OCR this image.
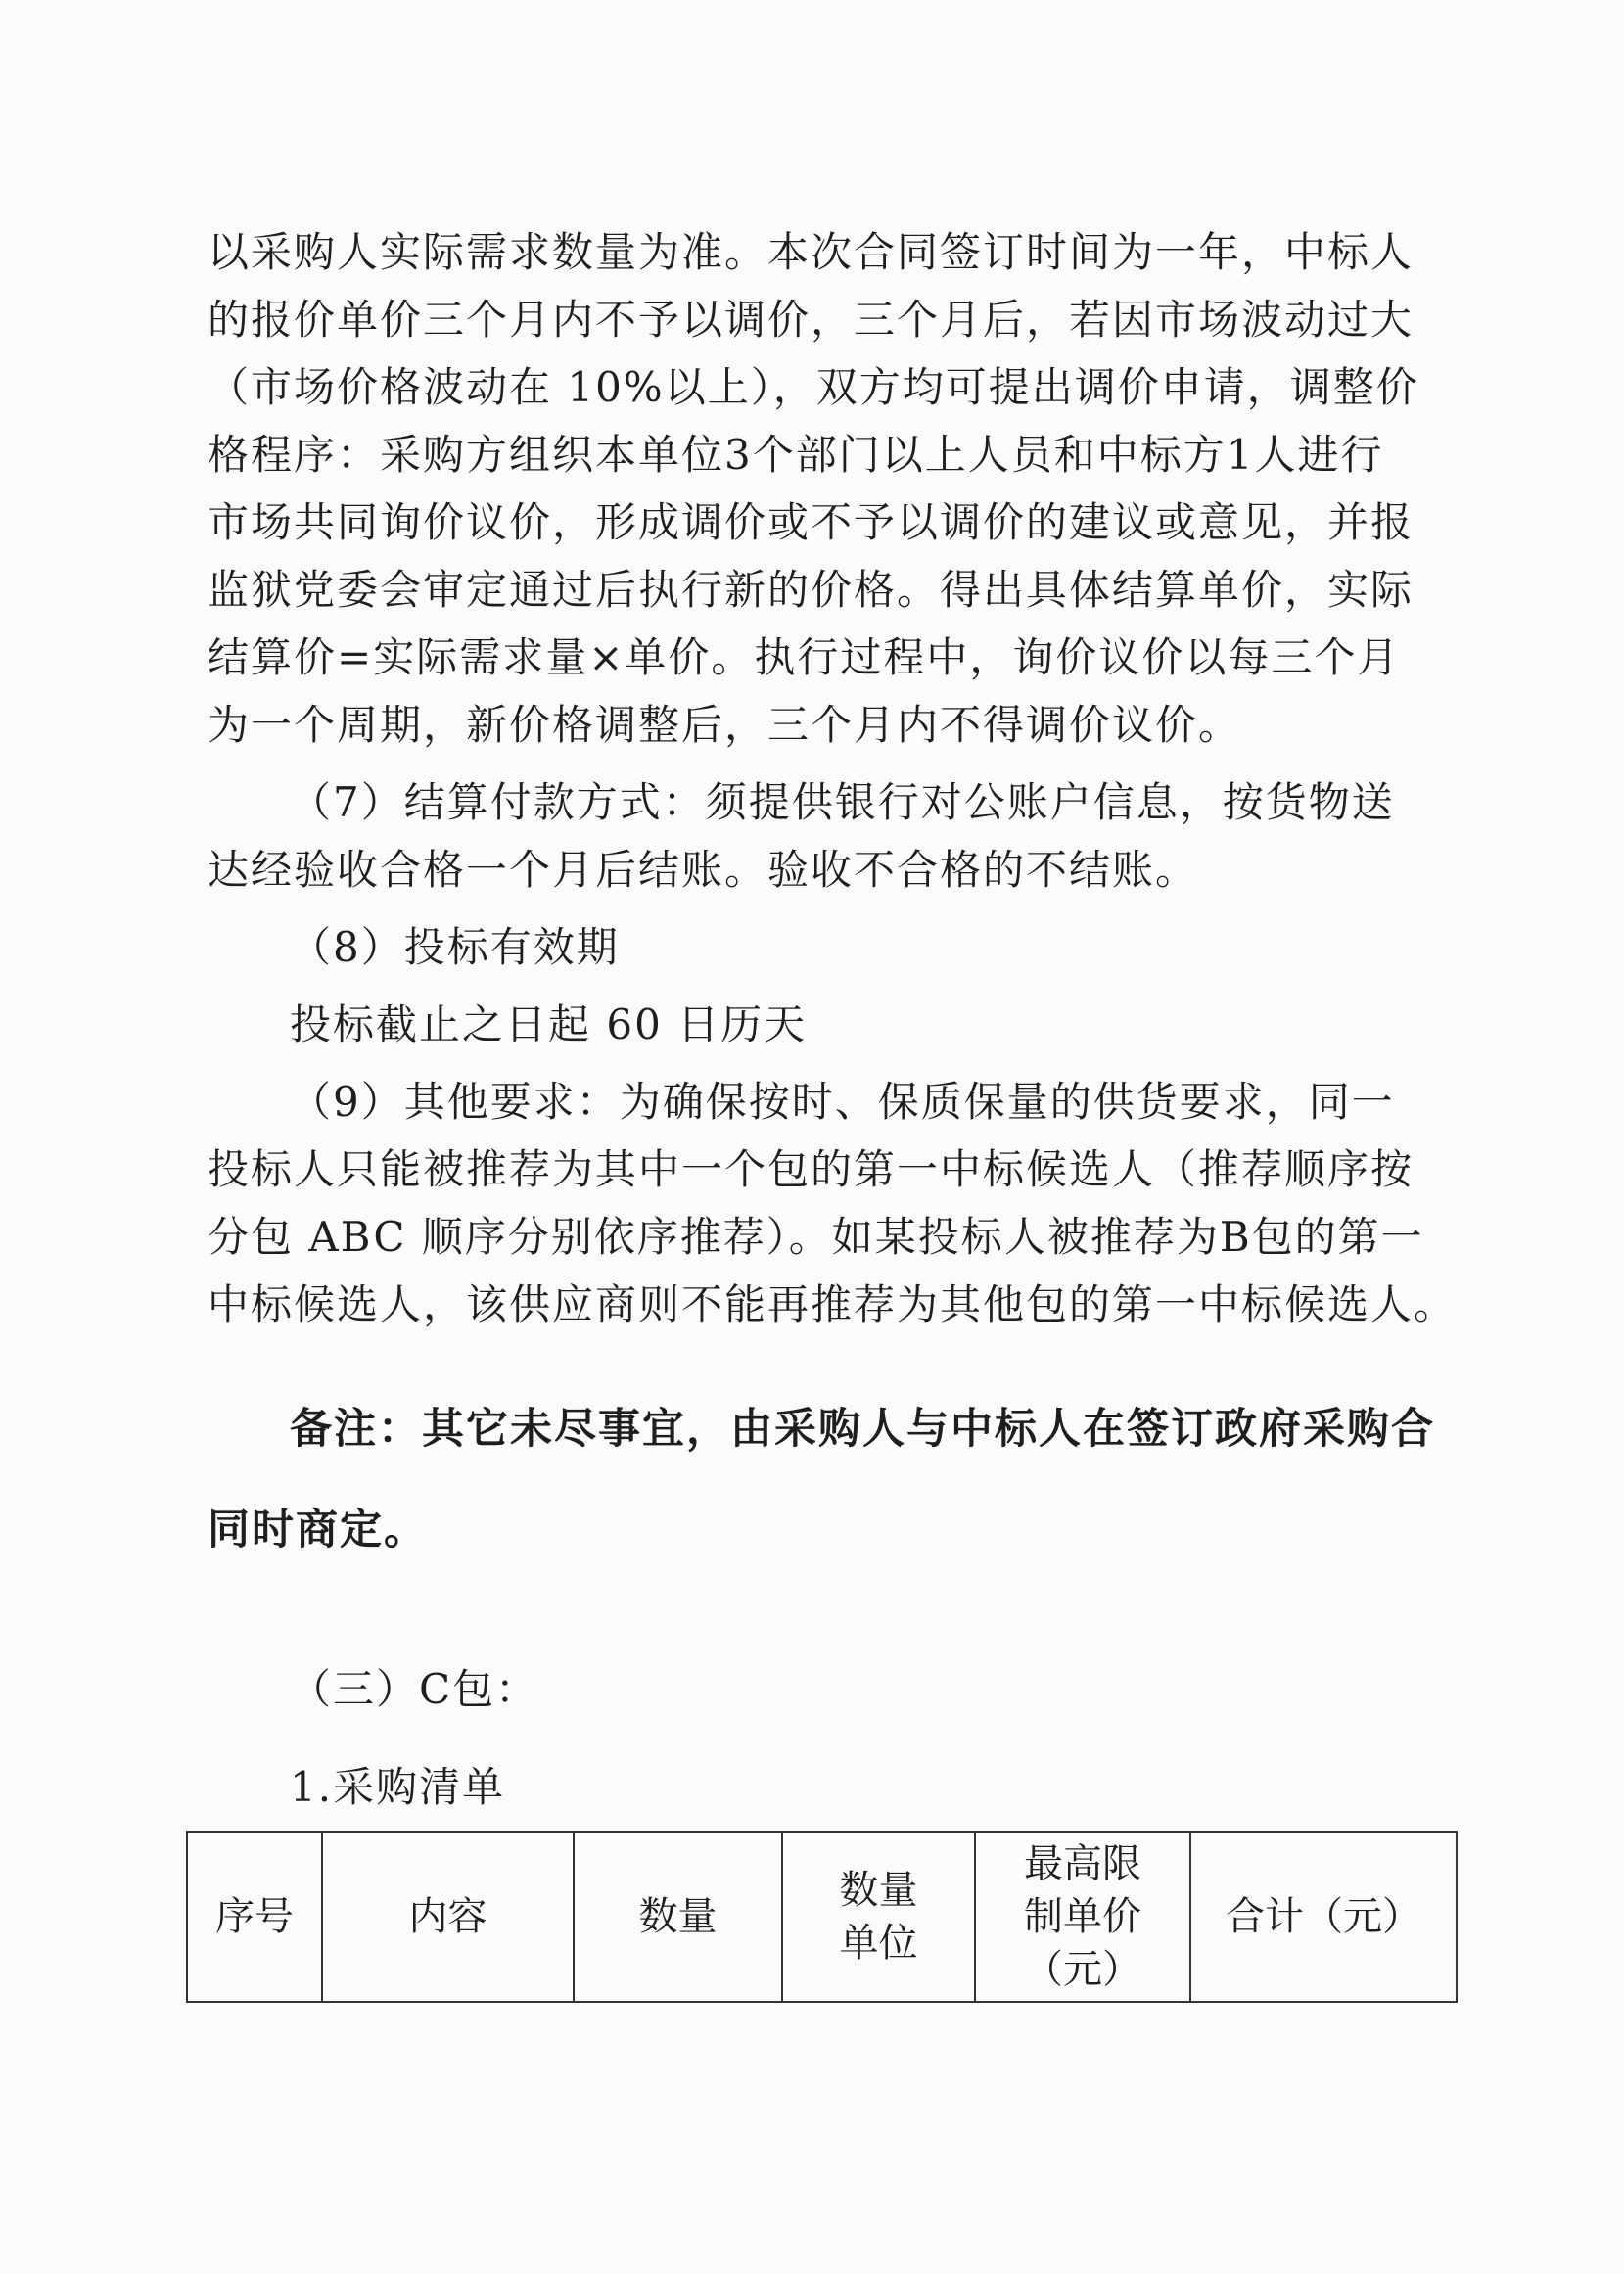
以采购人实际需求数量为准。本次合同签订时间为一年，中标人

的报价单价三个月内不予以调价，三个月后，若因市场波动过大

（市场价格波动在 10%以上），双方均可提出调价申请，调整价

格程序：采购方组织本单位3个部门以上人员和中标方1人进行

市场共同询价议价，形成调价或不予以调价的建议或意见，并报

监狱党委会审定通过后执行新的价格。得出具体结算单价，实际

结算价=实际需求量×单价。执行过程中，询价议价以每三个月

为一个周期，新价格调整后，三个月内不得调价议价。

（7）结算付款方式：须提供银行对公账户信息，按货物送

达经验收合格一个月后结账。验收不合格的不结账。

（8）投标有效期

投标截止之日起 60 日历天

（9）其他要求：为确保按时、保质保量的供货要求，同一

投标人只能被推荐为其中一个包的第一中标候选人（推荐顺序按

分包 ABC 顺序分别依序推荐）。如某投标人被推荐为B包的第一

中标候选人，该供应商则不能再推荐为其他包的第一中标候选人。

备注：其它未尽事宜，由采购人与中标人在签订政府采购合

同时商定。

（三）C包：

1.采购清单

序号	内容	数量	数量单位	最高限制单价（元）	合计（元）
